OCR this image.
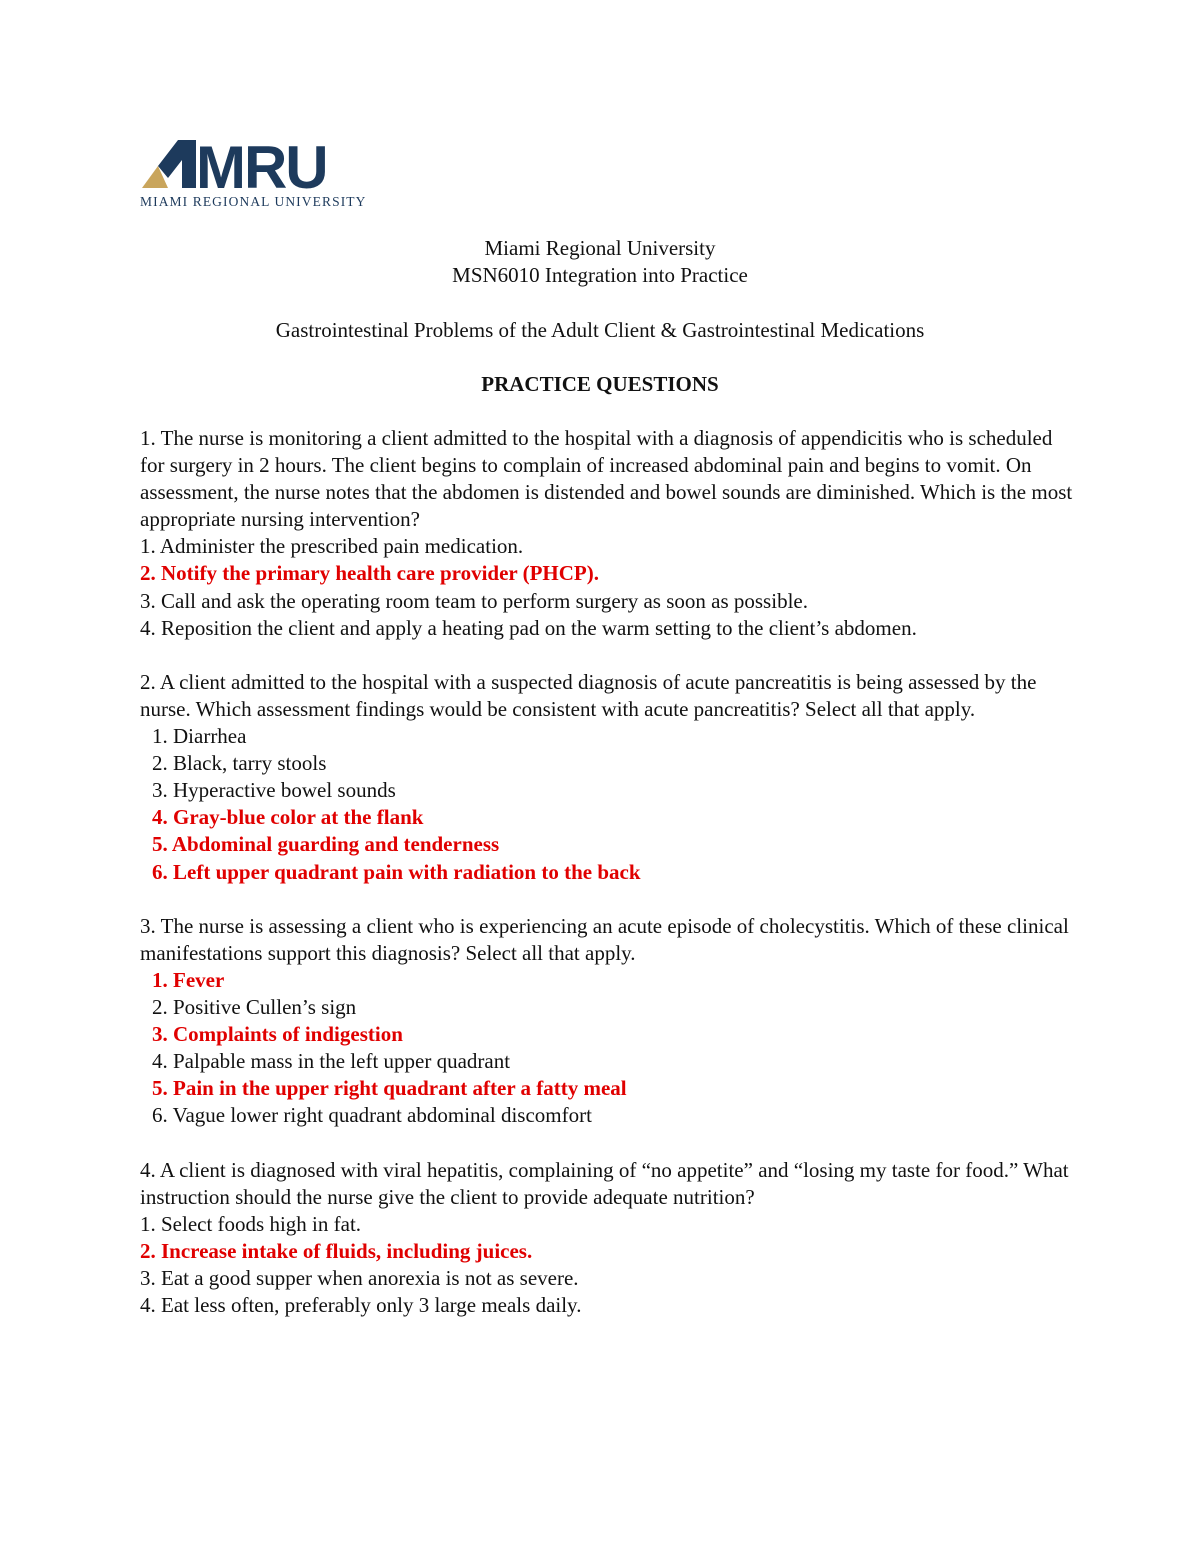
MRU
MIAMI REGIONAL UNIVERSITY
Miami Regional University
MSN6010 Integration into Practice
Gastrointestinal Problems of the Adult Client & Gastrointestinal Medications
PRACTICE QUESTIONS

1. The nurse is monitoring a client admitted to the hospital with a diagnosis of appendicitis who is scheduled for surgery in 2 hours. The client begins to complain of increased abdominal pain and begins to vomit. On assessment, the nurse notes that the abdomen is distended and bowel sounds are diminished. Which is the most appropriate nursing intervention?

1. Administer the prescribed pain medication.

2. Notify the primary health care provider (PHCP).

3. Call and ask the operating room team to perform surgery as soon as possible.

4. Reposition the client and apply a heating pad on the warm setting to the client’s abdomen.

2. A client admitted to the hospital with a suspected diagnosis of acute pancreatitis is being assessed by the nurse. Which assessment findings would be consistent with acute pancreatitis? Select all that apply.

1. Diarrhea

2. Black, tarry stools

3. Hyperactive bowel sounds

4. Gray-blue color at the flank

5. Abdominal guarding and tenderness

6. Left upper quadrant pain with radiation to the back

3. The nurse is assessing a client who is experiencing an acute episode of cholecystitis. Which of these clinical manifestations support this diagnosis? Select all that apply.

1. Fever

2. Positive Cullen’s sign

3. Complaints of indigestion

4. Palpable mass in the left upper quadrant

5. Pain in the upper right quadrant after a fatty meal

6. Vague lower right quadrant abdominal discomfort

4. A client is diagnosed with viral hepatitis, complaining of “no appetite” and “losing my taste for food.” What instruction should the nurse give the client to provide adequate nutrition?

1. Select foods high in fat.

2. Increase intake of fluids, including juices.

3. Eat a good supper when anorexia is not as severe.

4. Eat less often, preferably only 3 large meals daily.
